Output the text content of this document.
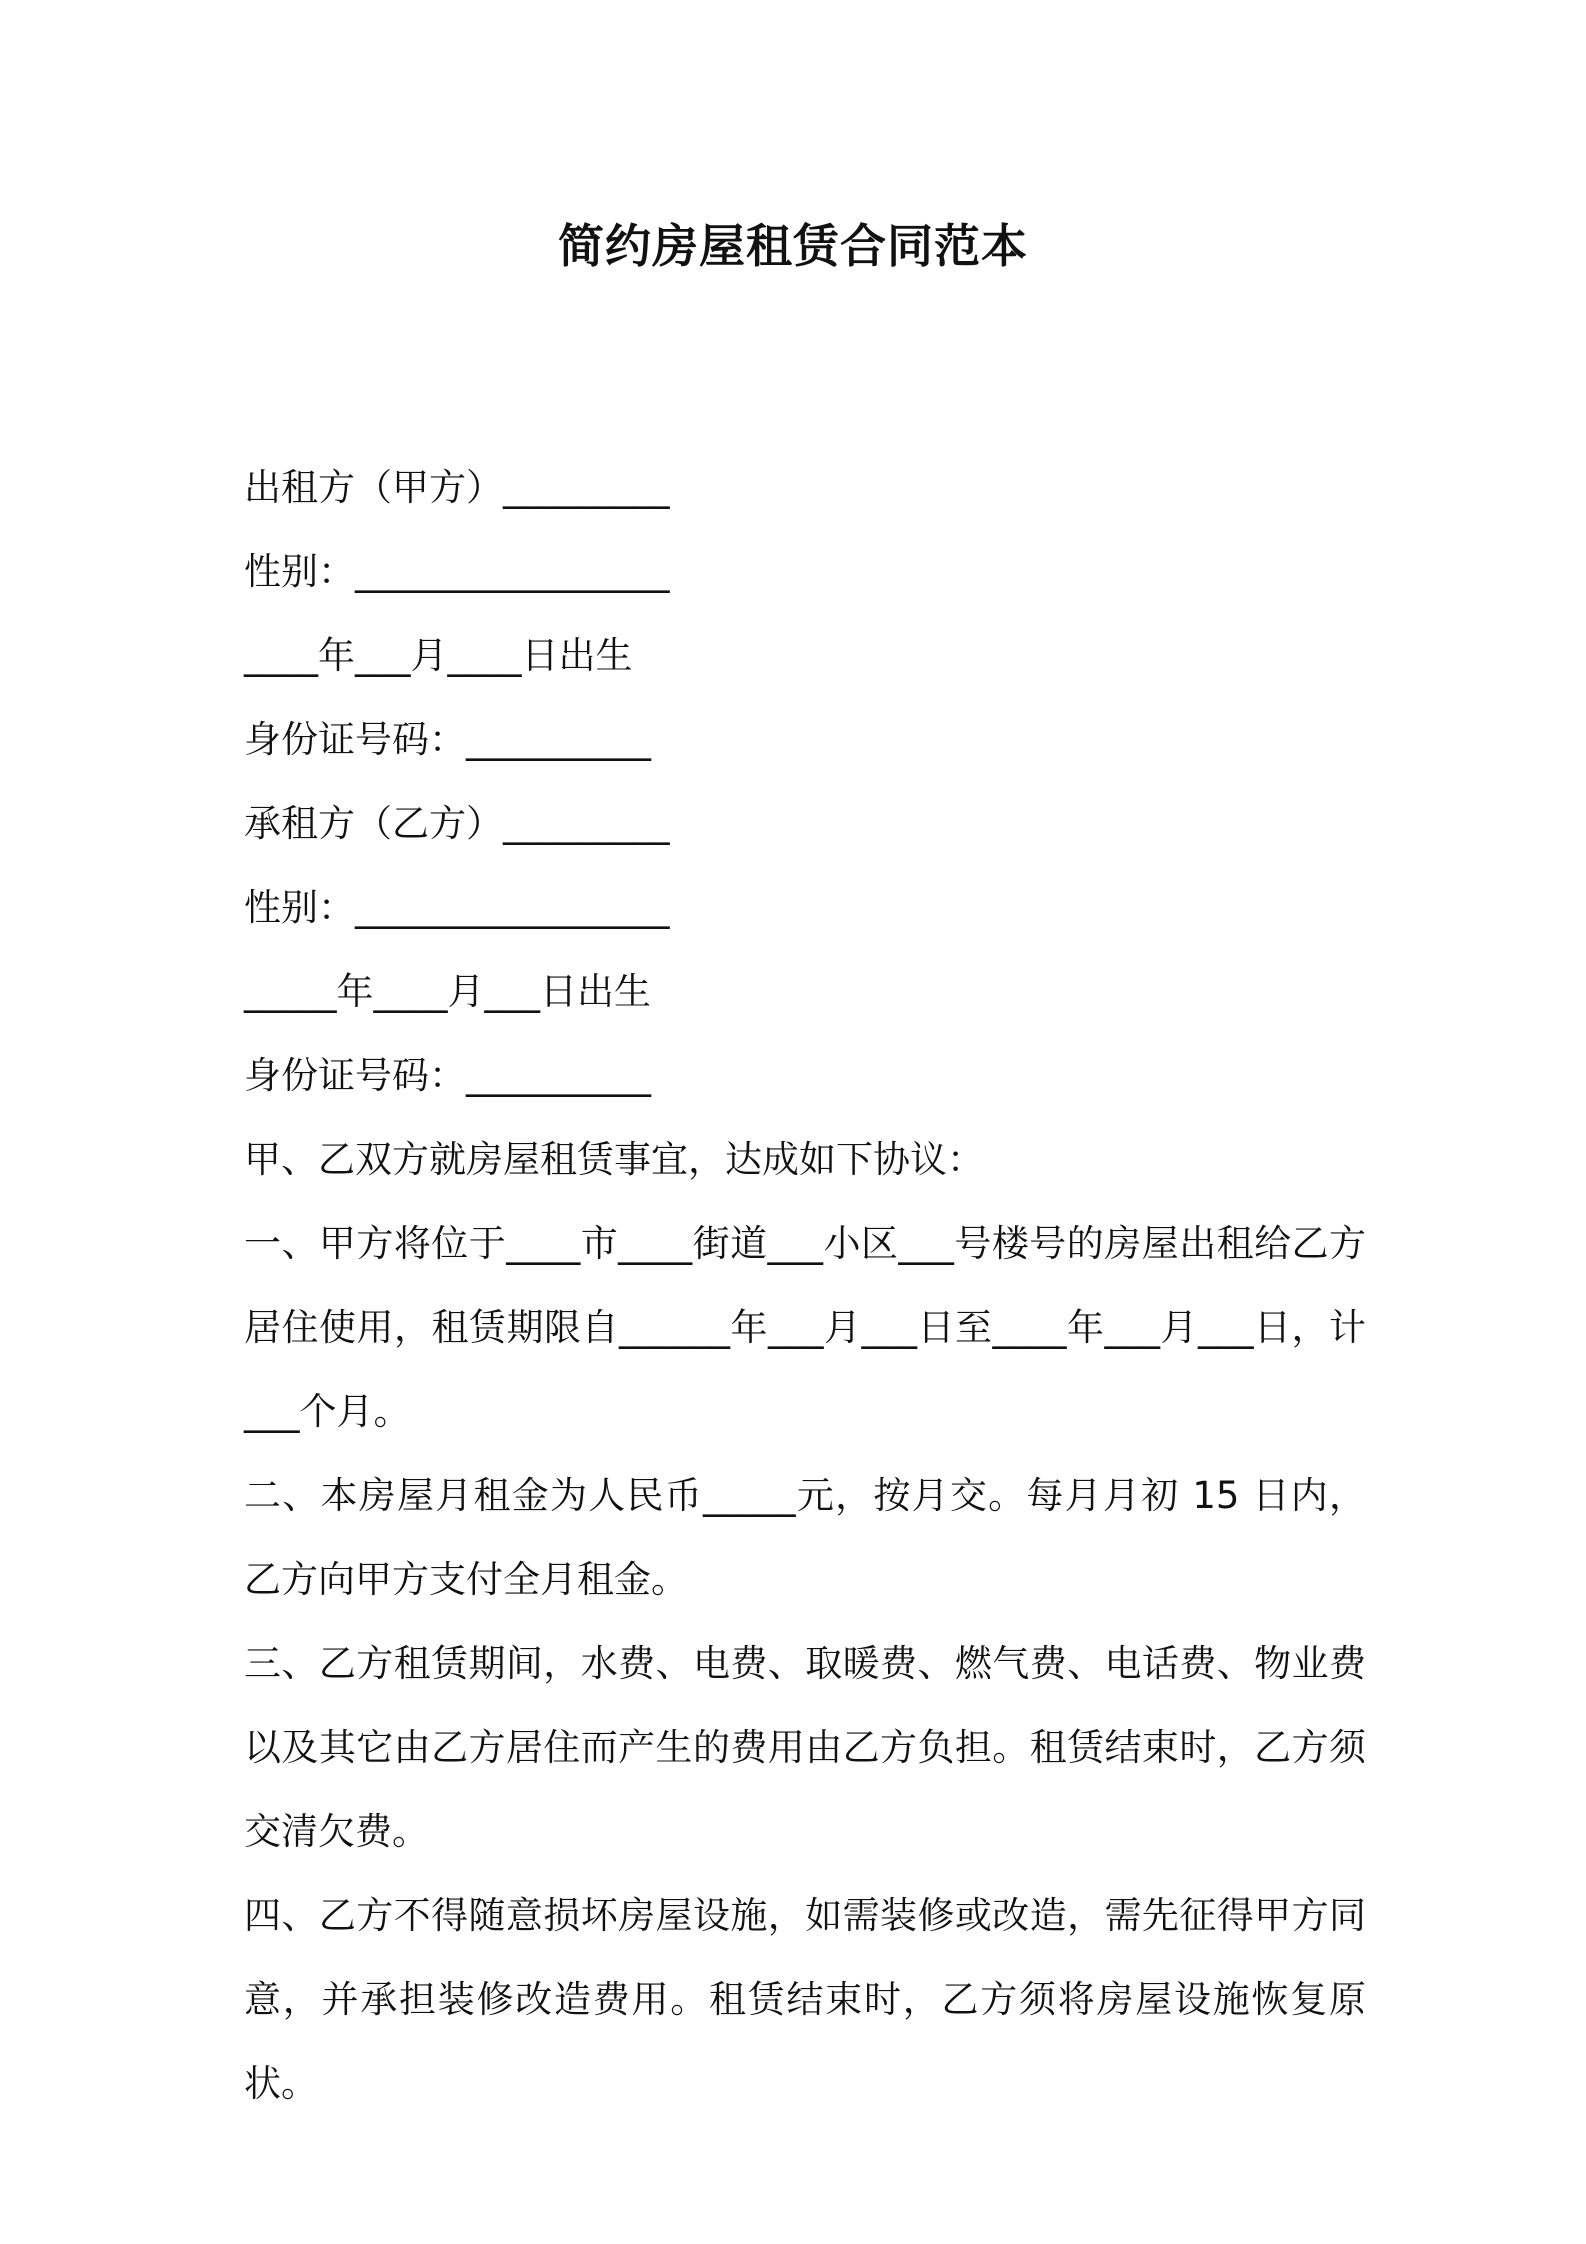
简约房屋租赁合同范本

出租方（甲方）_________

性别：_________________

____年___月____日出生

身份证号码：__________

承租方（乙方）_________

性别：_________________

_____年____月___日出生

身份证号码：__________

甲、乙双方就房屋租赁事宜，达成如下协议：

一、甲方将位于____市____街道___小区___号楼号的房屋出租给乙方居住使用，租赁期限自______年___月___日至____年___月___日，计___个月。

二、本房屋月租金为人民币_____元，按月交。每月月初 15 日内，乙方向甲方支付全月租金。

三、乙方租赁期间，水费、电费、取暖费、燃气费、电话费、物业费以及其它由乙方居住而产生的费用由乙方负担。租赁结束时，乙方须交清欠费。

四、乙方不得随意损坏房屋设施，如需装修或改造，需先征得甲方同意，并承担装修改造费用。租赁结束时，乙方须将房屋设施恢复原状。
